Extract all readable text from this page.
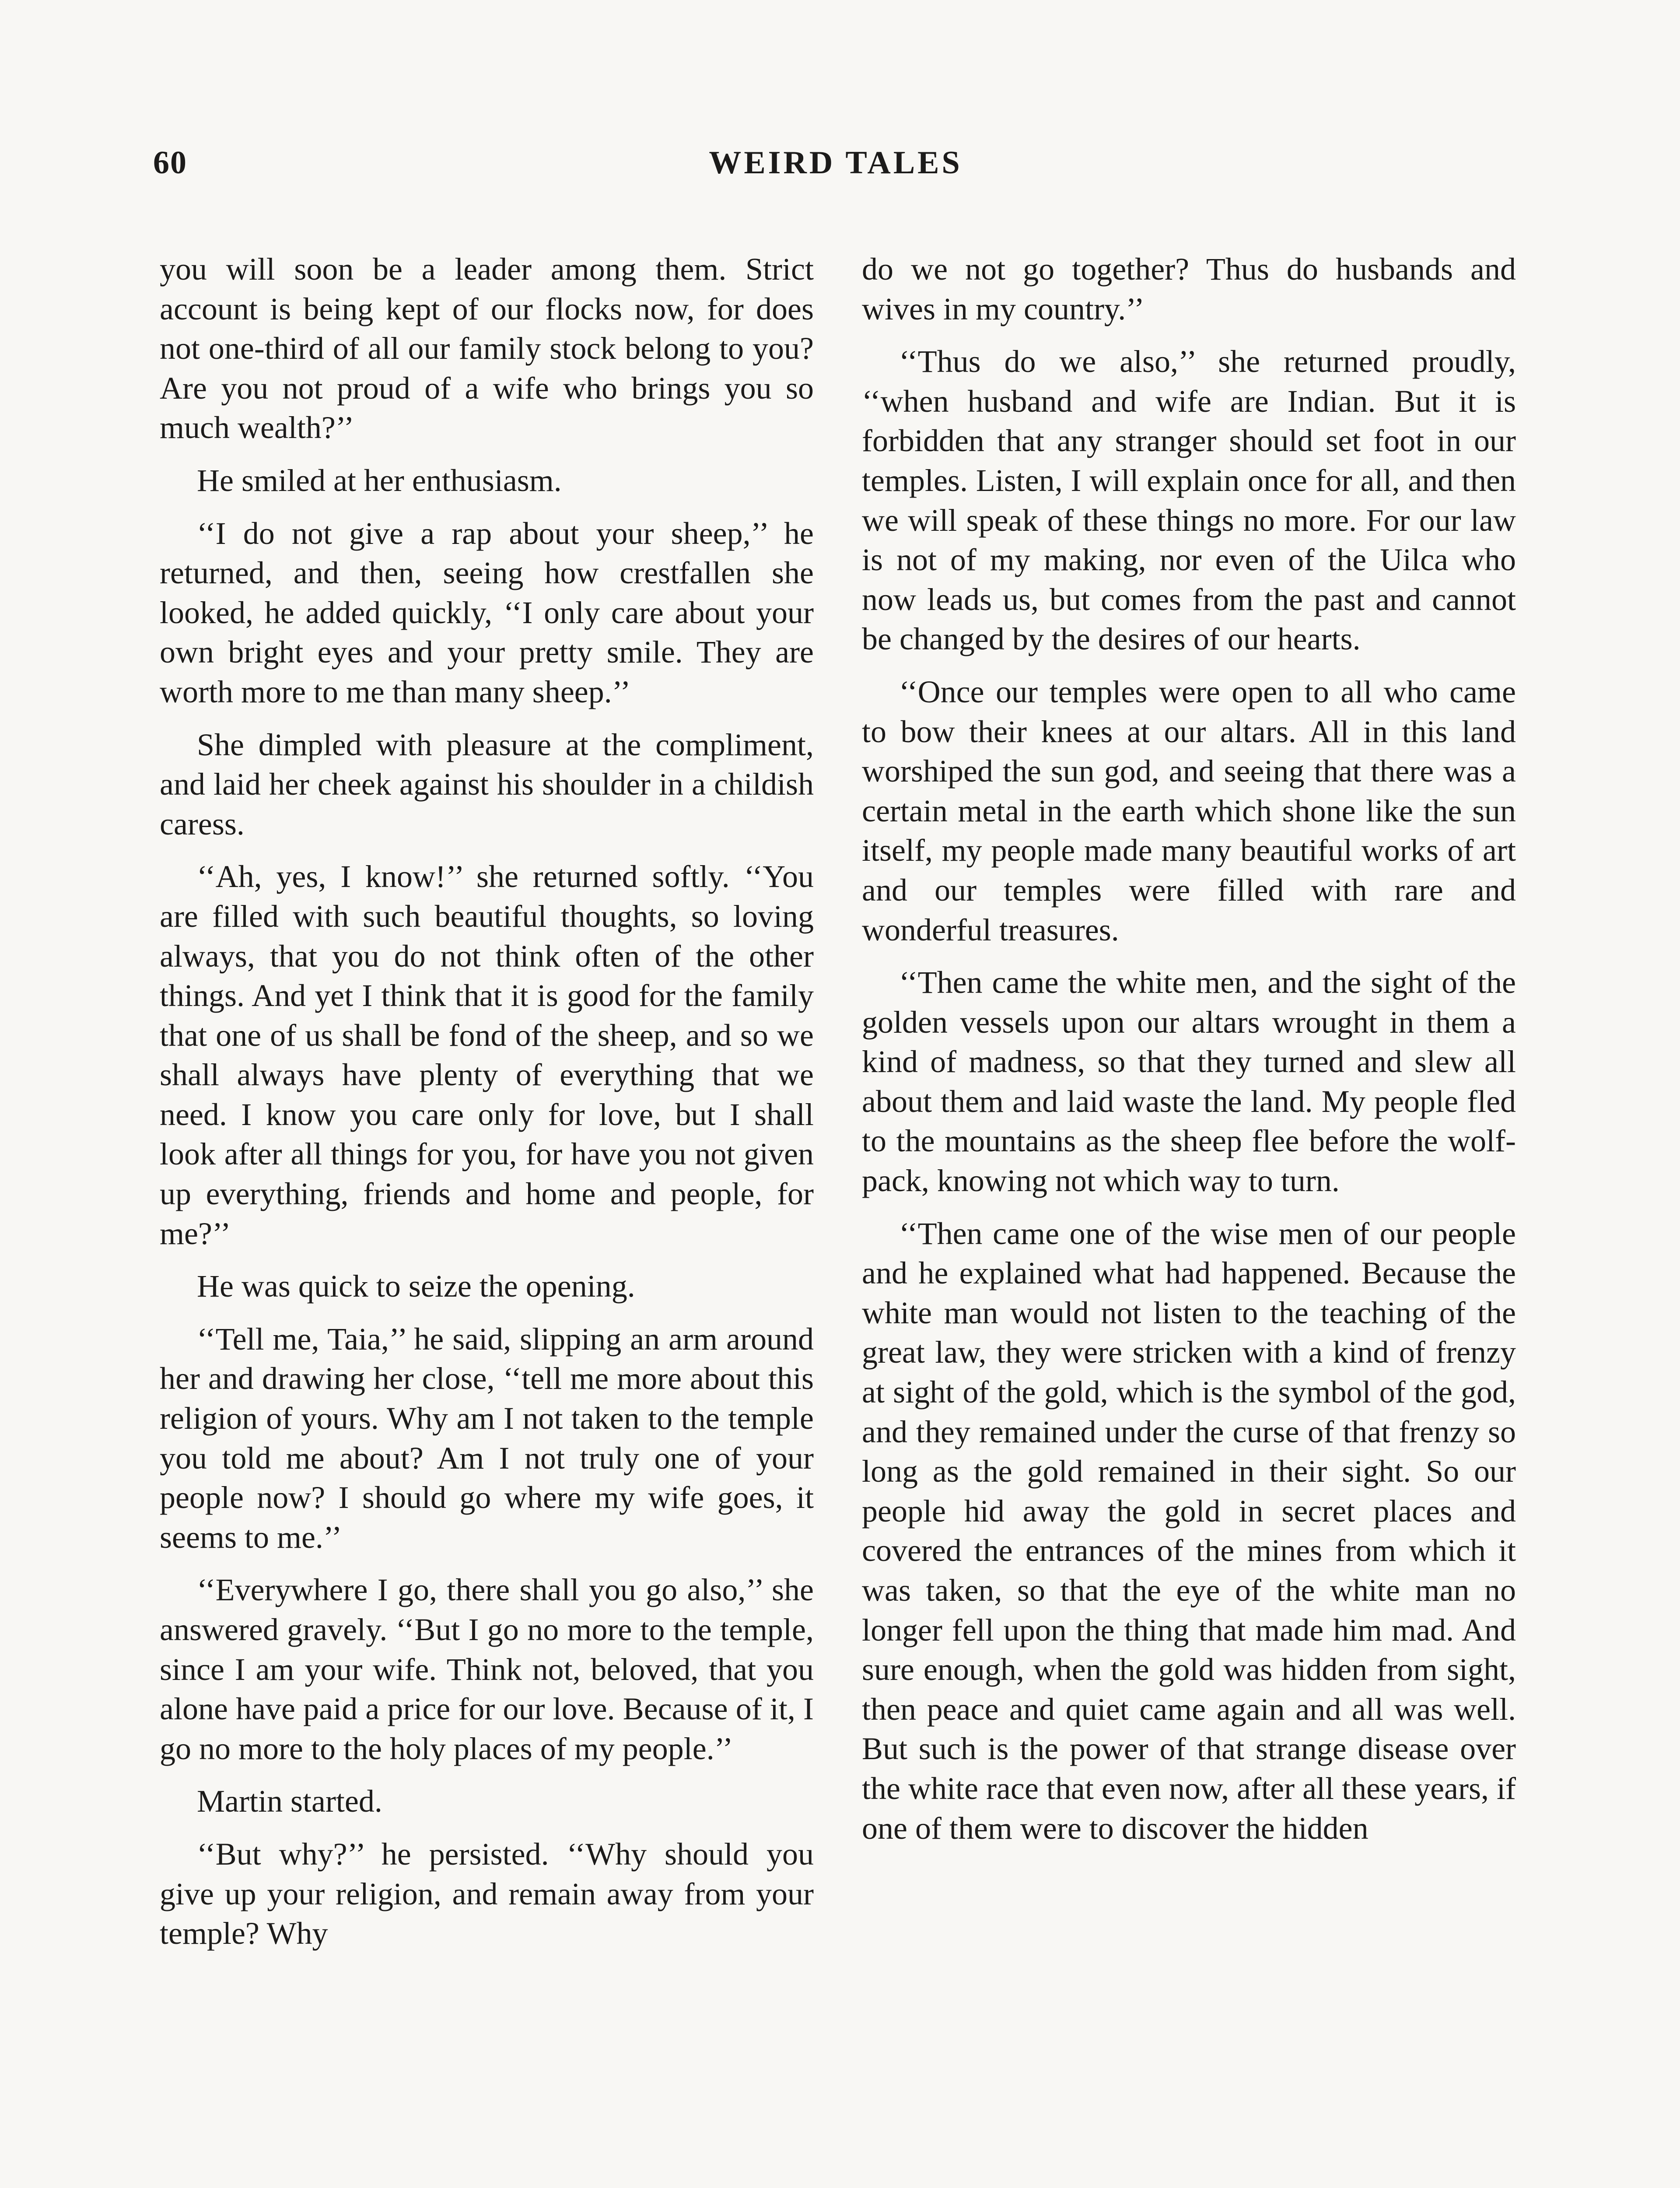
60	WEIRD TALES

you will soon be a leader among them. Strict account is being kept of our flocks now, for does not one-third of all our family stock belong to you? Are you not proud of a wife who brings you so much wealth?’’

He smiled at her enthusiasm.

‘‘I do not give a rap about your sheep,’’ he returned, and then, seeing how crestfallen she looked, he added quickly, ‘‘I only care about your own bright eyes and your pretty smile. They are worth more to me than many sheep.’’

She dimpled with pleasure at the compliment, and laid her cheek against his shoulder in a childish caress.

‘‘Ah, yes, I know!’’ she returned softly. ‘‘You are filled with such beautiful thoughts, so loving always, that you do not think often of the other things. And yet I think that it is good for the family that one of us shall be fond of the sheep, and so we shall always have plenty of everything that we need. I know you care only for love, but I shall look after all things for you, for have you not given up everything, friends and home and people, for me?’’

He was quick to seize the opening.

‘‘Tell me, Taia,’’ he said, slipping an arm around her and drawing her close, ‘‘tell me more about this religion of yours. Why am I not taken to the temple you told me about? Am I not truly one of your people now? I should go where my wife goes, it seems to me.’’

‘‘Everywhere I go, there shall you go also,’’ she answered gravely. ‘‘But I go no more to the temple, since I am your wife. Think not, beloved, that you alone have paid a price for our love. Because of it, I go no more to the holy places of my people.’’

Martin started.

‘‘But why?’’ he persisted. ‘‘Why should you give up your religion, and remain away from your temple? Why

do we not go together? Thus do husbands and wives in my country.’’

‘‘Thus do we also,’’ she returned proudly, ‘‘when husband and wife are Indian. But it is forbidden that any stranger should set foot in our temples. Listen, I will explain once for all, and then we will speak of these things no more. For our law is not of my making, nor even of the Uilca who now leads us, but comes from the past and cannot be changed by the desires of our hearts.

‘‘Once our temples were open to all who came to bow their knees at our altars. All in this land worshiped the sun god, and seeing that there was a certain metal in the earth which shone like the sun itself, my people made many beautiful works of art and our temples were filled with rare and wonderful treasures.

‘‘Then came the white men, and the sight of the golden vessels upon our altars wrought in them a kind of madness, so that they turned and slew all about them and laid waste the land. My people fled to the mountains as the sheep flee before the wolf-pack, knowing not which way to turn.

‘‘Then came one of the wise men of our people and he explained what had happened. Because the white man would not listen to the teaching of the great law, they were stricken with a kind of frenzy at sight of the gold, which is the symbol of the god, and they remained under the curse of that frenzy so long as the gold remained in their sight. So our people hid away the gold in secret places and covered the entrances of the mines from which it was taken, so that the eye of the white man no longer fell upon the thing that made him mad. And sure enough, when the gold was hidden from sight, then peace and quiet came again and all was well. But such is the power of that strange disease over the white race that even now, after all these years, if one of them were to discover the hidden
